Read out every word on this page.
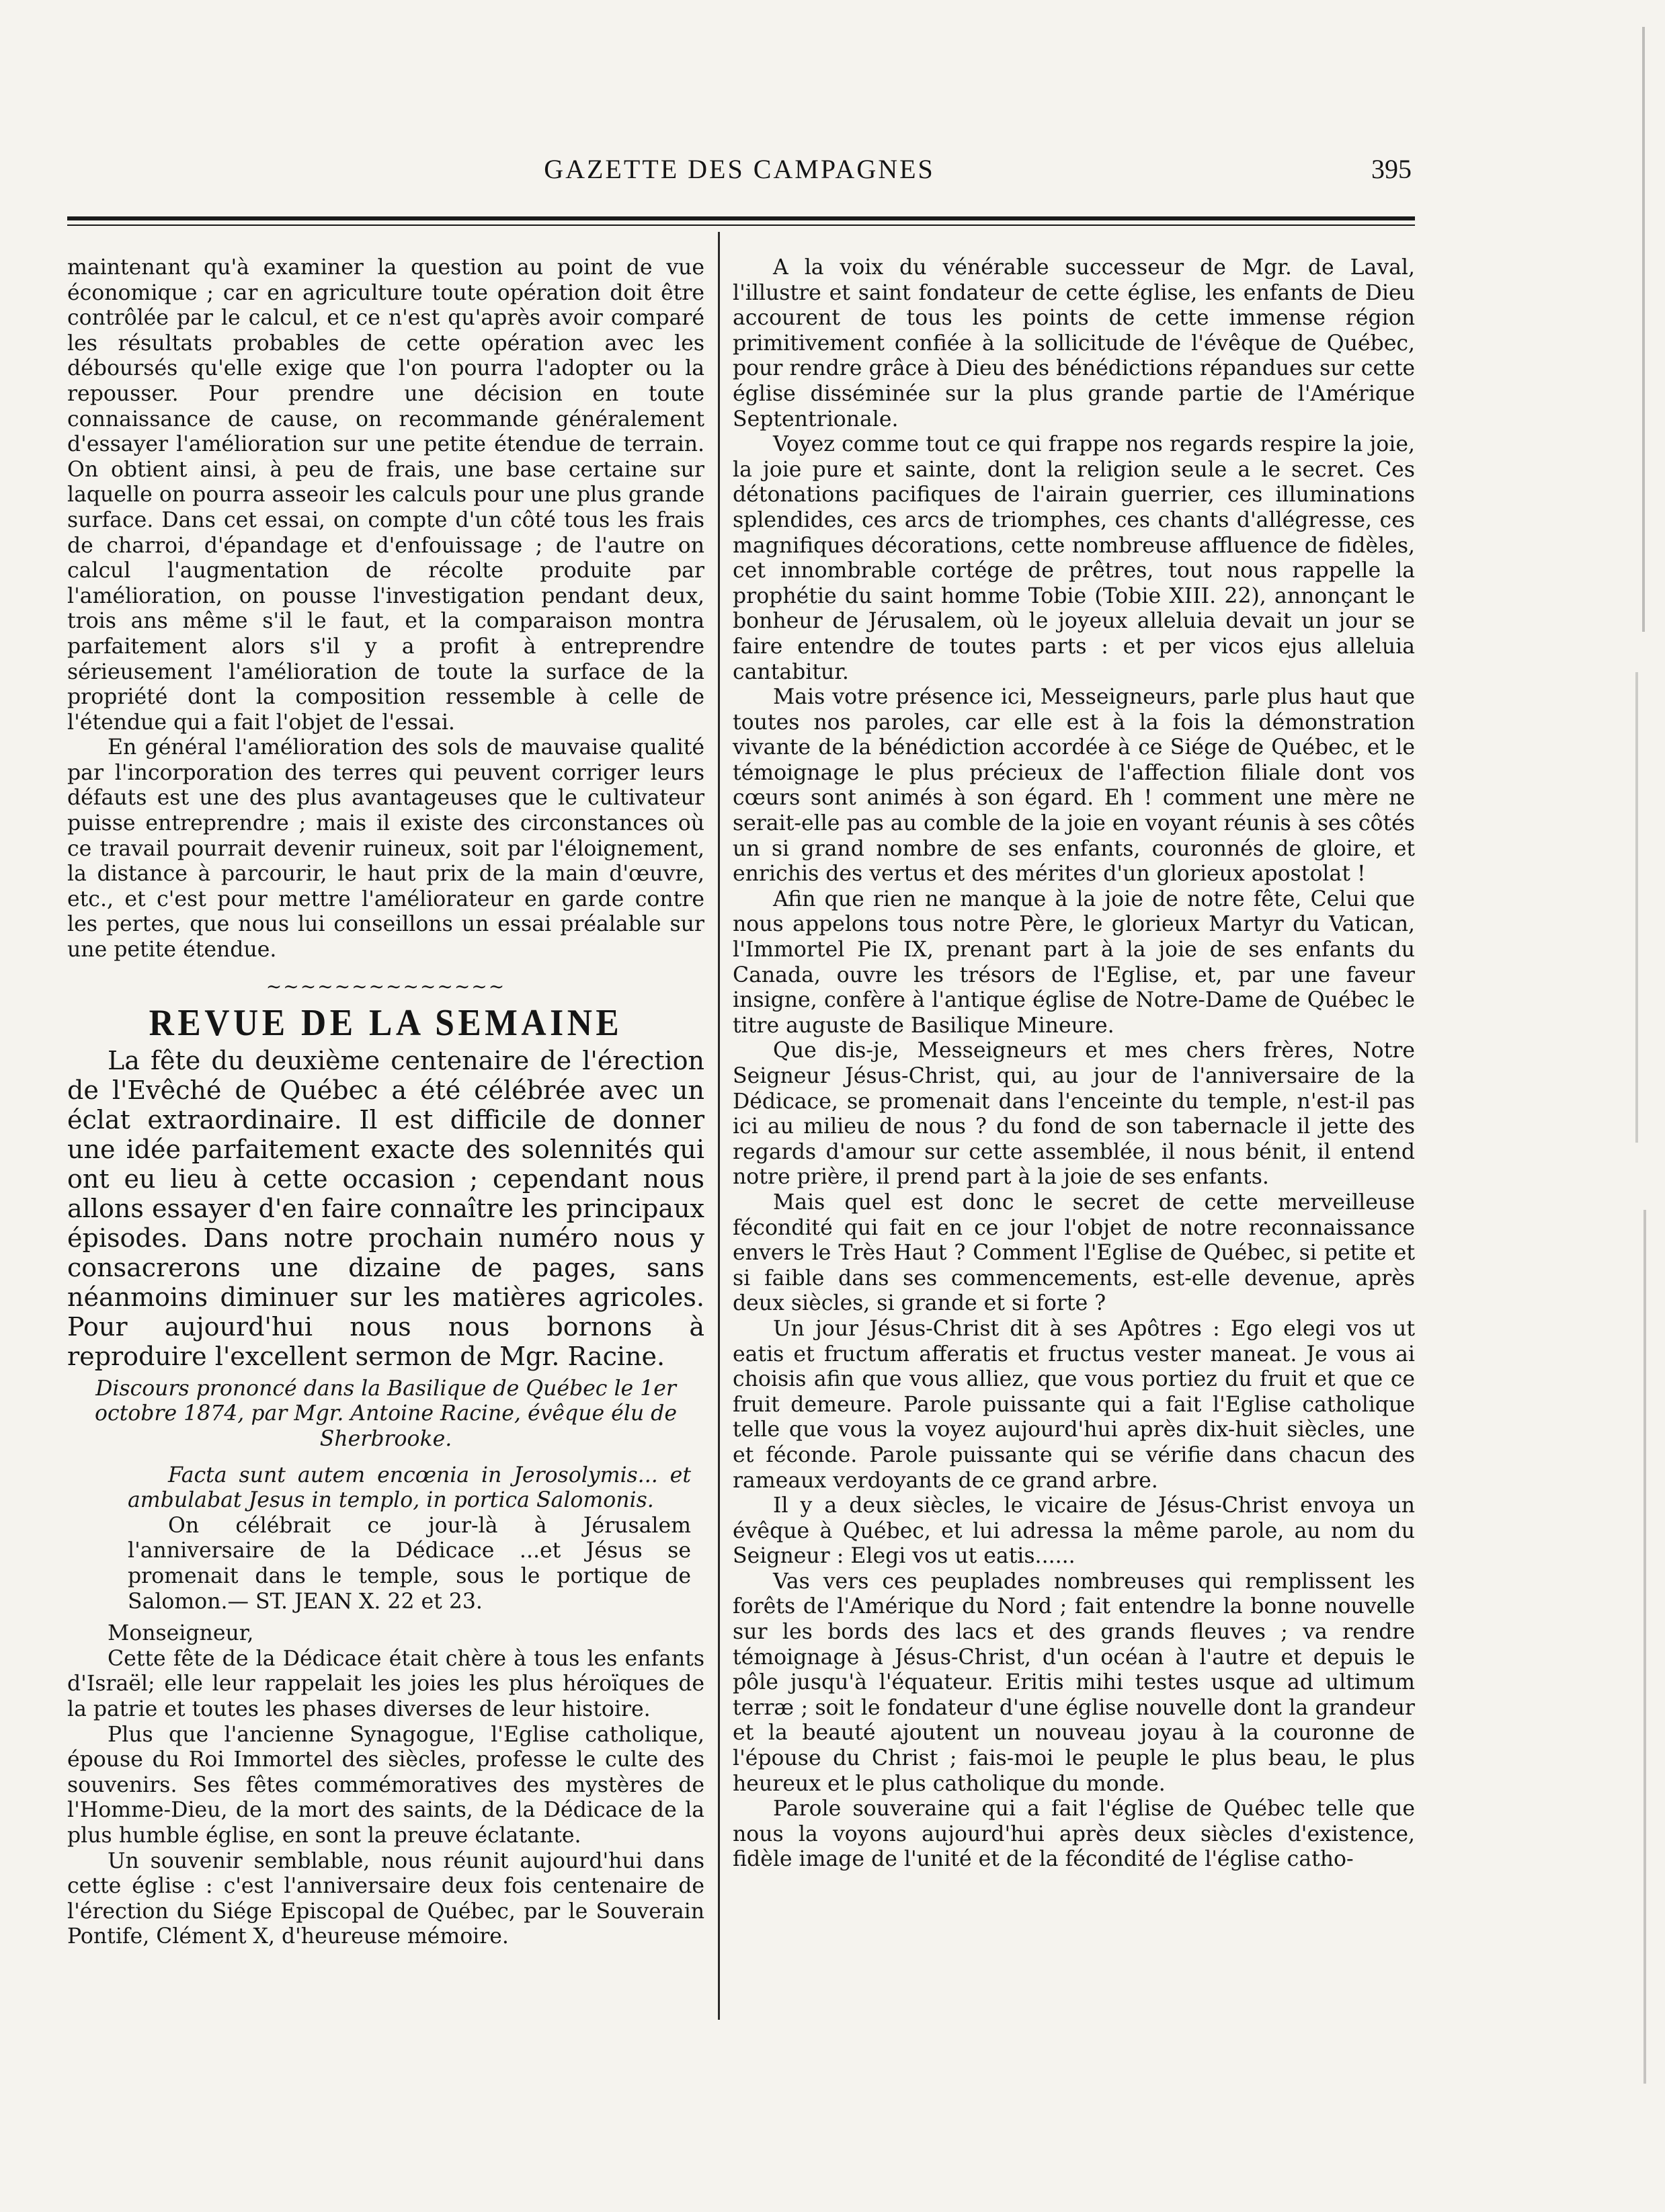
GAZETTE DES CAMPAGNES	395

maintenant qu'à examiner la question au point de vue économique ; car en agriculture toute opération doit être contrôlée par le calcul, et ce n'est qu'après avoir comparé les résultats probables de cette opération avec les déboursés qu'elle exige que l'on pourra l'adopter ou la repousser. Pour prendre une décision en toute connaissance de cause, on recommande généralement d'essayer l'amélioration sur une petite étendue de terrain. On obtient ainsi, à peu de frais, une base certaine sur laquelle on pourra asseoir les calculs pour une plus grande surface. Dans cet essai, on compte d'un côté tous les frais de charroi, d'épandage et d'enfouissage ; de l'autre on calcul l'augmentation de récolte produite par l'amélioration, on pousse l'investigation pendant deux, trois ans même s'il le faut, et la comparaison montra parfaitement alors s'il y a profit à entreprendre sérieusement l'amélioration de toute la surface de la propriété dont la composition ressemble à celle de l'étendue qui a fait l'objet de l'essai.

En général l'amélioration des sols de mauvaise qualité par l'incorporation des terres qui peuvent corriger leurs défauts est une des plus avantageuses que le cultivateur puisse entreprendre ; mais il existe des circonstances où ce travail pourrait devenir ruineux, soit par l'éloignement, la distance à parcourir, le haut prix de la main d'œuvre, etc., et c'est pour mettre l'améliorateur en garde contre les pertes, que nous lui conseillons un essai préalable sur une petite étendue.

~~~~~~~~~~~~~~
REVUE DE LA SEMAINE

La fête du deuxième centenaire de l'érection de l'Evêché de Québec a été célébrée avec un éclat extraordinaire. Il est difficile de donner une idée parfaitement exacte des solennités qui ont eu lieu à cette occasion ; cependant nous allons essayer d'en faire connaître les principaux épisodes. Dans notre prochain numéro nous y consacrerons une dizaine de pages, sans néanmoins diminuer sur les matières agricoles. Pour aujourd'hui nous nous bornons à reproduire l'excellent sermon de Mgr. Racine.

Discours prononcé dans la Basilique de Québec le 1er octobre 1874, par Mgr. Antoine Racine, évêque élu de Sherbrooke.

Facta sunt autem encœnia in Jerosolymis... et ambulabat Jesus in templo, in portica Salomonis.

On célébrait ce jour-là à Jérusalem l'anniversaire de la Dédicace ...et Jésus se promenait dans le temple, sous le portique de Salomon.— ST. JEAN X. 22 et 23.

Monseigneur,

Cette fête de la Dédicace était chère à tous les enfants d'Israël; elle leur rappelait les joies les plus héroïques de la patrie et toutes les phases diverses de leur histoire.

Plus que l'ancienne Synagogue, l'Eglise catholique, épouse du Roi Immortel des siècles, professe le culte des souvenirs. Ses fêtes commémoratives des mystères de l'Homme-Dieu, de la mort des saints, de la Dédicace de la plus humble église, en sont la preuve éclatante.

Un souvenir semblable, nous réunit aujourd'hui dans cette église : c'est l'anniversaire deux fois centenaire de l'érection du Siége Episcopal de Québec, par le Souverain Pontife, Clément X, d'heureuse mémoire.

A la voix du vénérable successeur de Mgr. de Laval, l'illustre et saint fondateur de cette église, les enfants de Dieu accourent de tous les points de cette immense région primitivement confiée à la sollicitude de l'évêque de Québec, pour rendre grâce à Dieu des bénédictions répandues sur cette église disséminée sur la plus grande partie de l'Amérique Septentrionale.

Voyez comme tout ce qui frappe nos regards respire la joie, la joie pure et sainte, dont la religion seule a le secret. Ces détonations pacifiques de l'airain guerrier, ces illuminations splendides, ces arcs de triomphes, ces chants d'allégresse, ces magnifiques décorations, cette nombreuse affluence de fidèles, cet innombrable cortége de prêtres, tout nous rappelle la prophétie du saint homme Tobie (Tobie XIII. 22), annonçant le bonheur de Jérusalem, où le joyeux alleluia devait un jour se faire entendre de toutes parts : et per vicos ejus alleluia cantabitur.

Mais votre présence ici, Messeigneurs, parle plus haut que toutes nos paroles, car elle est à la fois la démonstration vivante de la bénédiction accordée à ce Siége de Québec, et le témoignage le plus précieux de l'affection filiale dont vos cœurs sont animés à son égard. Eh ! comment une mère ne serait-elle pas au comble de la joie en voyant réunis à ses côtés un si grand nombre de ses enfants, couronnés de gloire, et enrichis des vertus et des mérites d'un glorieux apostolat !

Afin que rien ne manque à la joie de notre fête, Celui que nous appelons tous notre Père, le glorieux Martyr du Vatican, l'Immortel Pie IX, prenant part à la joie de ses enfants du Canada, ouvre les trésors de l'Eglise, et, par une faveur insigne, confère à l'antique église de Notre-Dame de Québec le titre auguste de Basilique Mineure.

Que dis-je, Messeigneurs et mes chers frères, Notre Seigneur Jésus-Christ, qui, au jour de l'anniversaire de la Dédicace, se promenait dans l'enceinte du temple, n'est-il pas ici au milieu de nous ? du fond de son tabernacle il jette des regards d'amour sur cette assemblée, il nous bénit, il entend notre prière, il prend part à la joie de ses enfants.

Mais quel est donc le secret de cette merveilleuse fécondité qui fait en ce jour l'objet de notre reconnaissance envers le Très Haut ? Comment l'Eglise de Québec, si petite et si faible dans ses commencements, est-elle devenue, après deux siècles, si grande et si forte ?

Un jour Jésus-Christ dit à ses Apôtres : Ego elegi vos ut eatis et fructum afferatis et fructus vester maneat. Je vous ai choisis afin que vous alliez, que vous portiez du fruit et que ce fruit demeure. Parole puissante qui a fait l'Eglise catholique telle que vous la voyez aujourd'hui après dix-huit siècles, une et féconde. Parole puissante qui se vérifie dans chacun des rameaux verdoyants de ce grand arbre.

Il y a deux siècles, le vicaire de Jésus-Christ envoya un évêque à Québec, et lui adressa la même parole, au nom du Seigneur : Elegi vos ut eatis......

Vas vers ces peuplades nombreuses qui remplissent les forêts de l'Amérique du Nord ; fait entendre la bonne nouvelle sur les bords des lacs et des grands fleuves ; va rendre témoignage à Jésus-Christ, d'un océan à l'autre et depuis le pôle jusqu'à l'équateur. Eritis mihi testes usque ad ultimum terræ ; soit le fondateur d'une église nouvelle dont la grandeur et la beauté ajoutent un nouveau joyau à la couronne de l'épouse du Christ ; fais-moi le peuple le plus beau, le plus heureux et le plus catholique du monde.

Parole souveraine qui a fait l'église de Québec telle que nous la voyons aujourd'hui après deux siècles d'existence, fidèle image de l'unité et de la fécondité de l'église catho-
